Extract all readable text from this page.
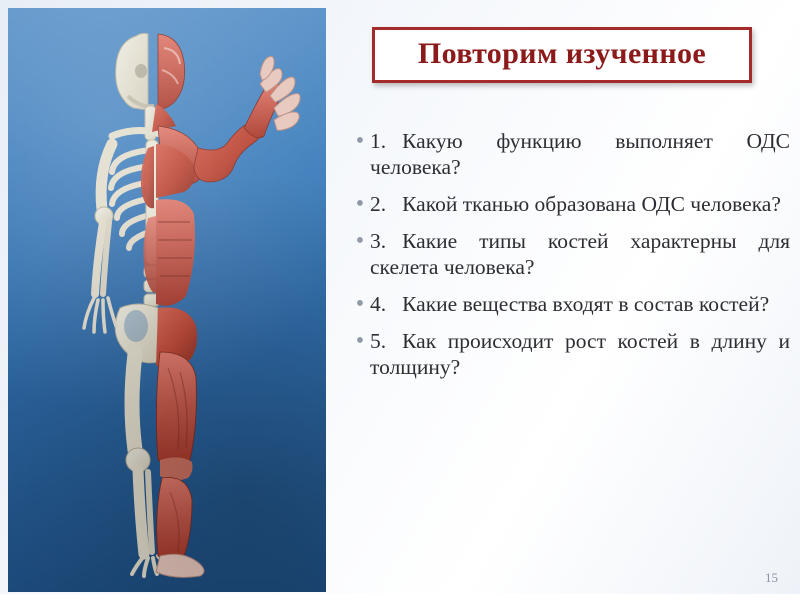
Повторим изученное
• 1. Какую функцию выполняет ОДС человека?
• 2. Какой тканью образована ОДС человека?
• 3. Какие типы костей характерны для скелета человека?
• 4. Какие вещества входят в состав костей?
• 5. Как происходит рост костей в длину и толщину?
15
